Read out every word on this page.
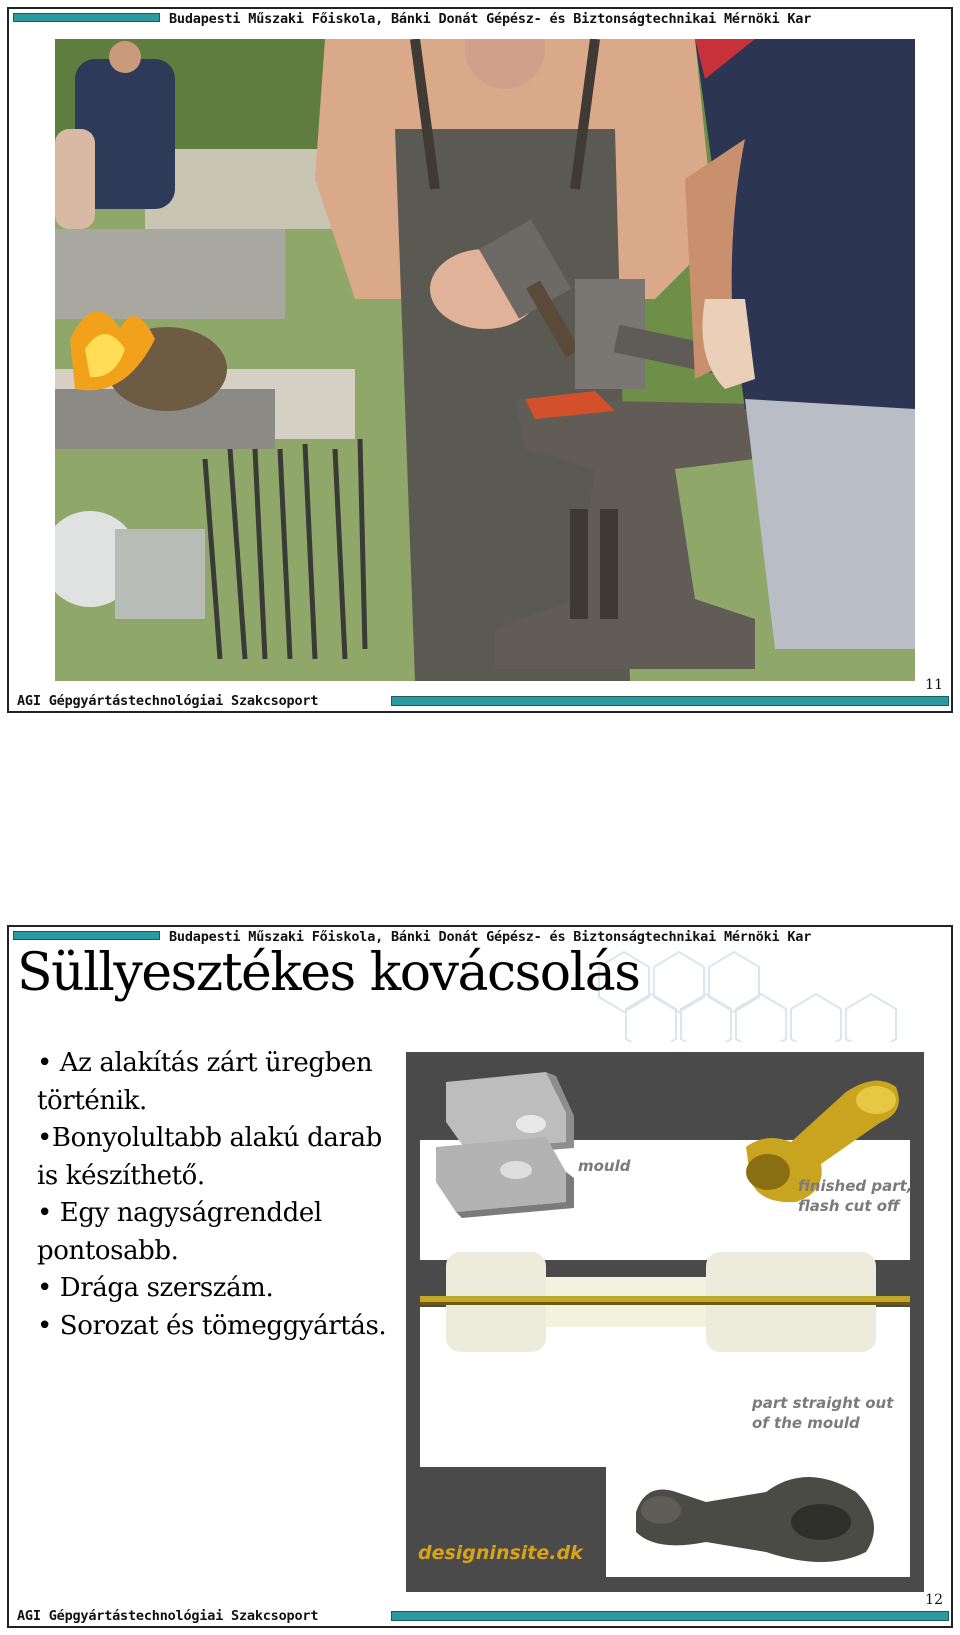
Budapesti Műszaki Főiskola, Bánki Donát Gépész- és Biztonságtechnikai Mérnöki Kar
AGI Gépgyártástechnológiai Szakcsoport
11
Budapesti Műszaki Főiskola, Bánki Donát Gépész- és Biztonságtechnikai Mérnöki Kar
Süllyesztékes kovácsolás
• Az alakítás zárt üregben történik.
•Bonyolultabb alakú darab is készíthető.
• Egy nagyságrenddel pontosabb.
• Drága szerszám.
• Sorozat és tömeggyártás.
mould
finished part,
flash cut off
part straight out
of the mould
designinsite.dk
AGI Gépgyártástechnológiai Szakcsoport
12
